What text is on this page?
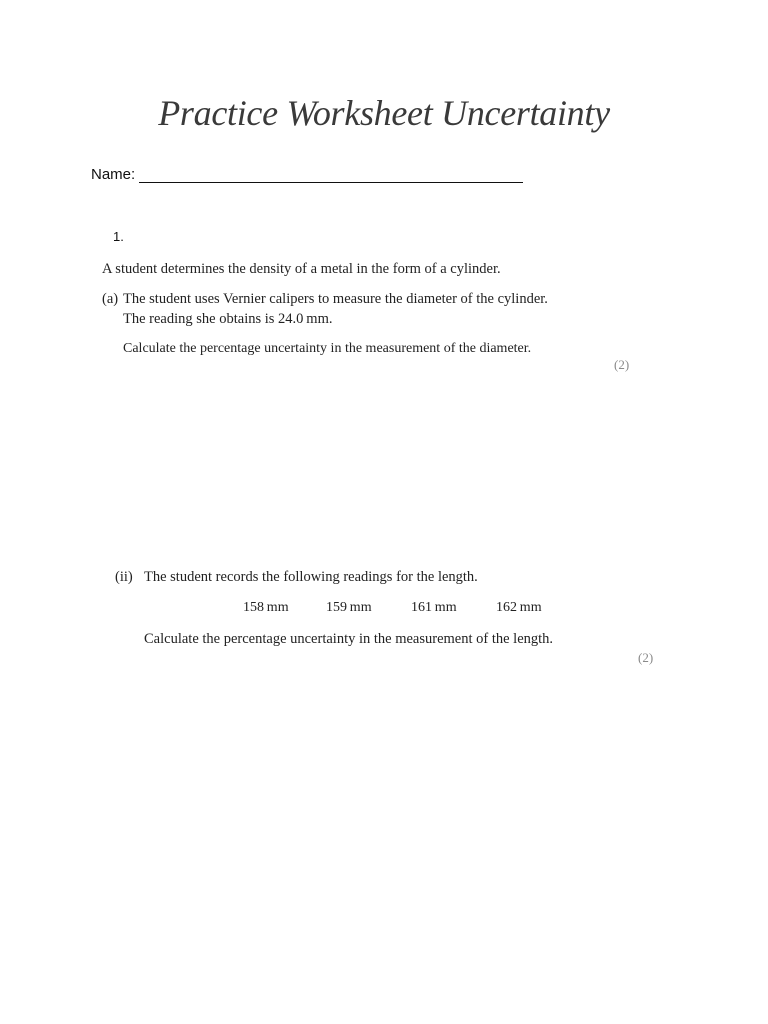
Practice Worksheet Uncertainty
Name:
1.
A student determines the density of a metal in the form of a cylinder.
(a) The student uses Vernier calipers to measure the diameter of the cylinder.
The reading she obtains is 24.0 mm.
Calculate the percentage uncertainty in the measurement of the diameter.
(2)
(ii) The student records the following readings for the length.
158 mm	159 mm	161 mm	162 mm
Calculate the percentage uncertainty in the measurement of the length.
(2)
